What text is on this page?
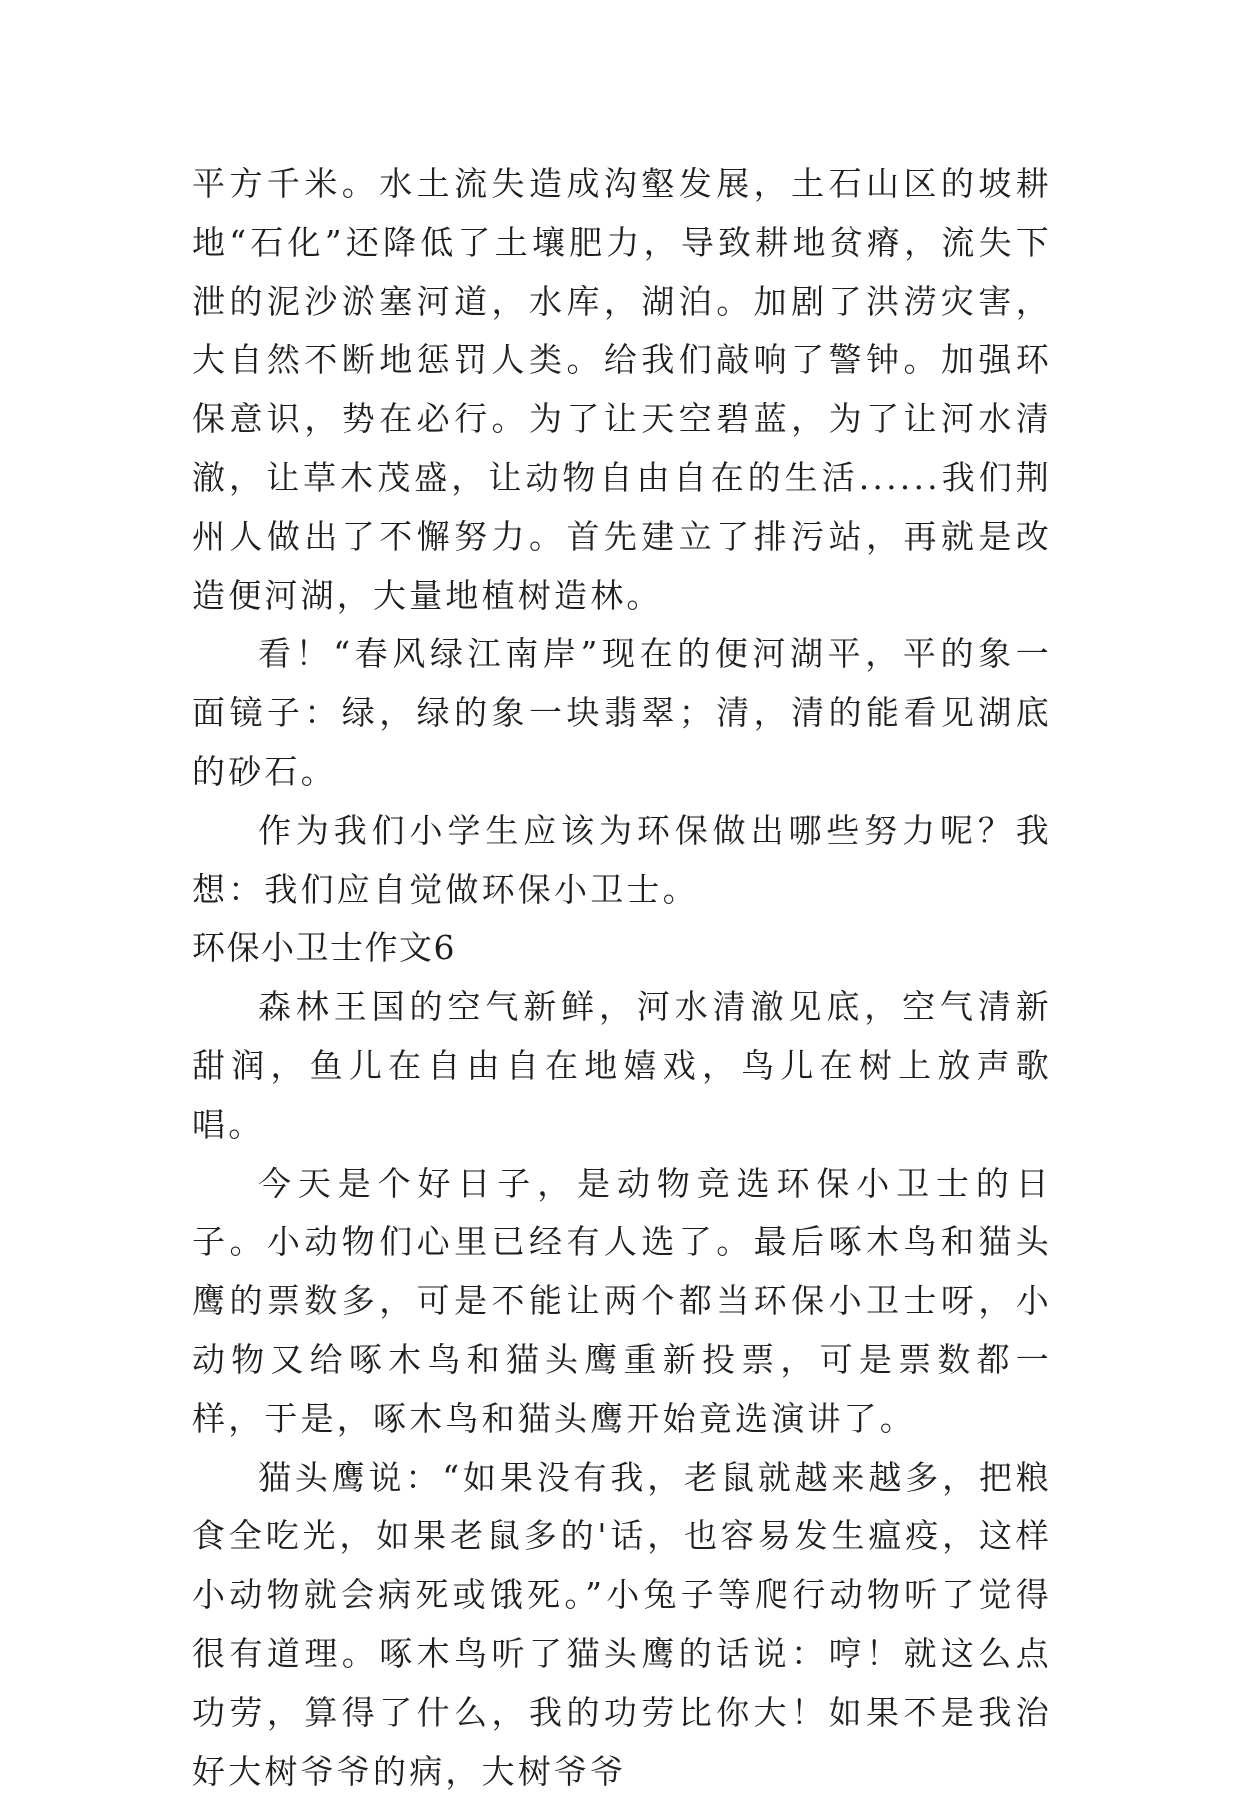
平方千米。水土流失造成沟壑发展，土石山区的坡耕地“石化”还降低了土壤肥力，导致耕地贫瘠，流失下泄的泥沙淤塞河道，水库，湖泊。加剧了洪涝灾害，大自然不断地惩罚人类。给我们敲响了警钟。加强环保意识，势在必行。为了让天空碧蓝，为了让河水清澈，让草木茂盛，让动物自由自在的生活......我们荆州人做出了不懈努力。首先建立了排污站，再就是改造便河湖，大量地植树造林。

看！“春风绿江南岸”现在的便河湖平，平的象一面镜子：绿，绿的象一块翡翠；清，清的能看见湖底的砂石。

作为我们小学生应该为环保做出哪些努力呢？我想：我们应自觉做环保小卫士。

环保小卫士作文6

森林王国的空气新鲜，河水清澈见底，空气清新甜润，鱼儿在自由自在地嬉戏，鸟儿在树上放声歌唱。

今天是个好日子，是动物竞选环保小卫士的日子。小动物们心里已经有人选了。最后啄木鸟和猫头鹰的票数多，可是不能让两个都当环保小卫士呀，小动物又给啄木鸟和猫头鹰重新投票，可是票数都一样，于是，啄木鸟和猫头鹰开始竟选演讲了。

猫头鹰说：“如果没有我，老鼠就越来越多，把粮食全吃光，如果老鼠多的'话，也容易发生瘟疫，这样小动物就会病死或饿死。”小兔子等爬行动物听了觉得很有道理。啄木鸟听了猫头鹰的话说：哼！就这么点功劳，算得了什么，我的功劳比你大！如果不是我治好大树爷爷的病，大树爷爷
